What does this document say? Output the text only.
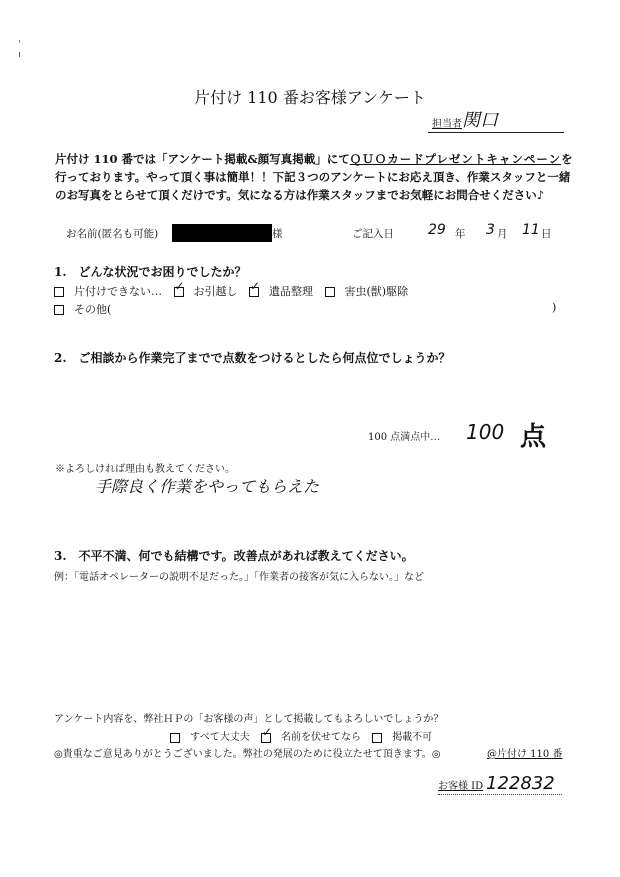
片付け 110 番お客様アンケート
担当者 関口
片付け 110 番では「アンケート掲載&顔写真掲載」にてＱＵＯカードプレゼントキャンペーンを行っております。やって頂く事は簡単！！下記３つのアンケートにお応え頂き、作業スタッフと一緒のお写真をとらせて頂くだけです。気になる方は作業スタッフまでお気軽にお問合せください♪
お名前(匿名も可能)	様	ご記入日 29 年 3 月 11 日
1.　どんな状況でお困りでしたか？
片付けできない… ✓	お引越し ✓	遺品整理	害虫(獣)駆除
その他(	)
2.　ご相談から作業完了までで点数をつけるとしたら何点位でしょうか？
100 点満点中… 100 点
※よろしければ理由も教えてください。
手際良く作業をやってもらえた
3.　不平不満、何でも結構です。改善点があれば教えてください。
例：「電話オペレーターの説明不足だった。」「作業者の接客が気に入らない。」など
アンケート内容を、弊社ＨＰの「お客様の声」として掲載してもよろしいでしょうか？
すべて大丈夫 ✓	名前を伏せてなら	掲載不可
◎貴重なご意見ありがとうございました。弊社の発展のために役立たせて頂きます。◎	@片付け 110 番
お客様 ID 122832
